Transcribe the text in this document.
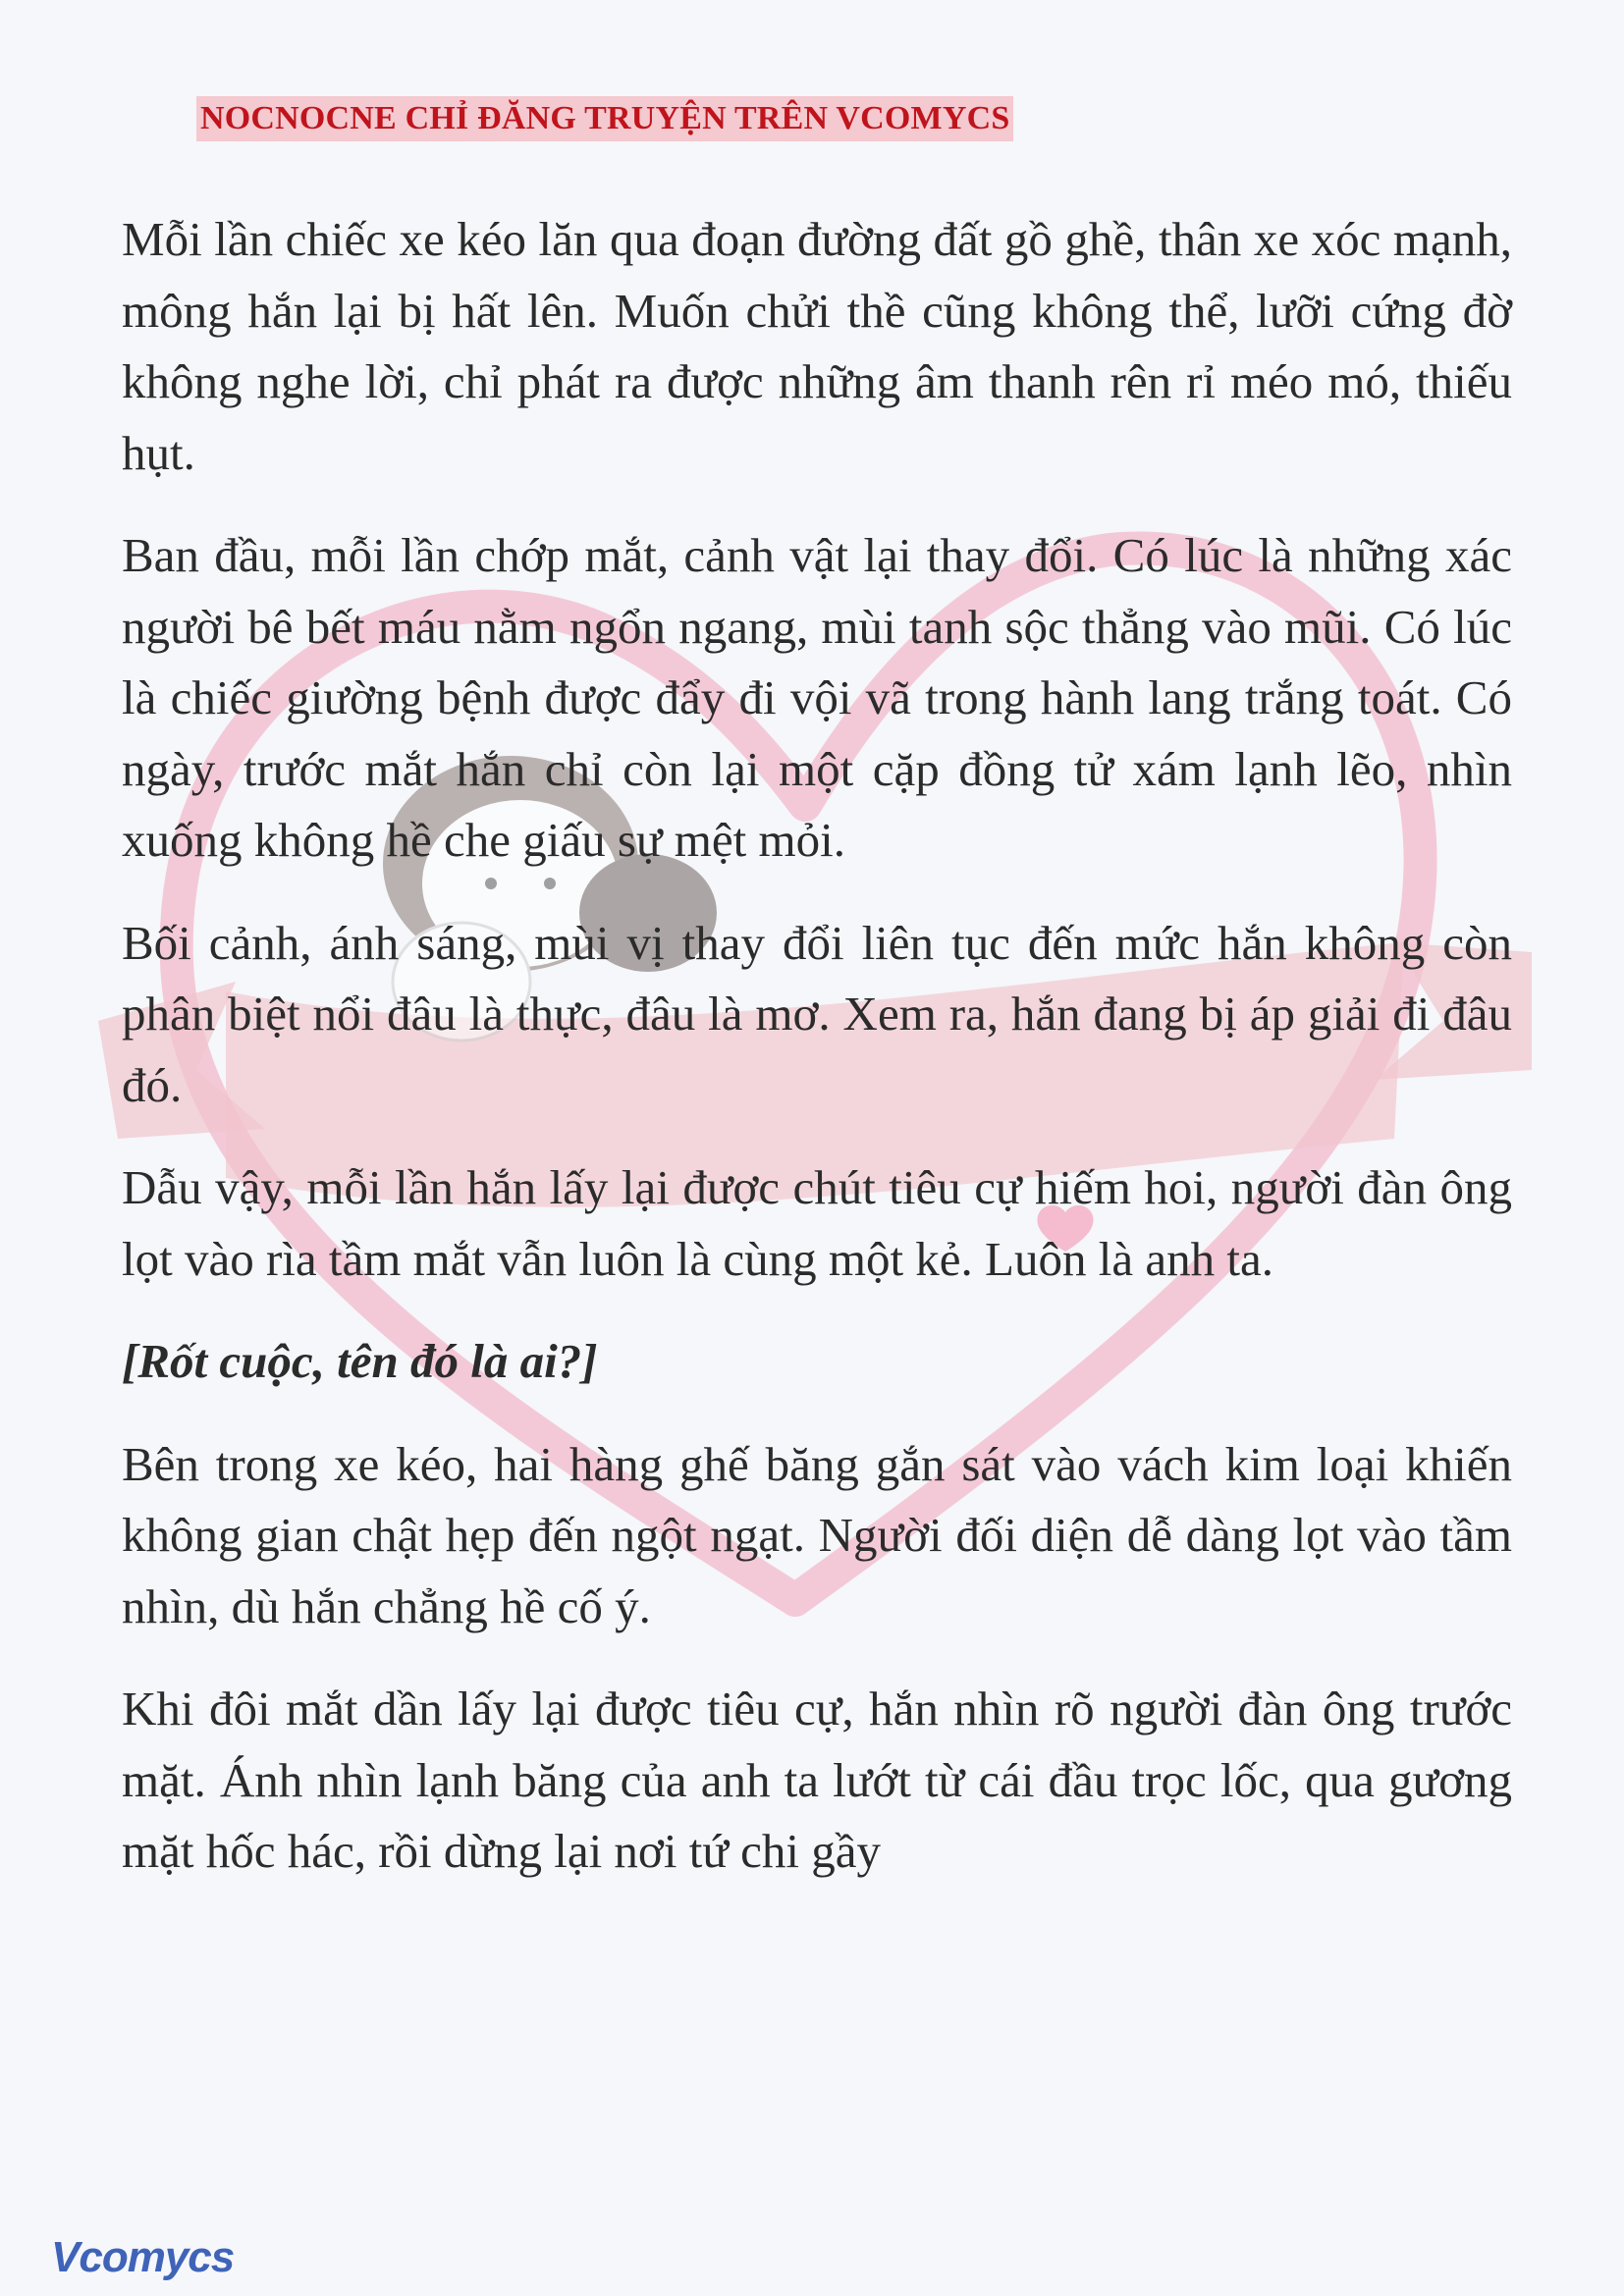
NOCNOCNE CHỈ ĐĂNG TRUYỆN TRÊN VCOMYCS

Mỗi lần chiếc xe kéo lăn qua đoạn đường đất gồ ghề, thân xe xóc mạnh, mông hắn lại bị hất lên. Muốn chửi thề cũng không thể, lưỡi cứng đờ không nghe lời, chỉ phát ra được những âm thanh rên rỉ méo mó, thiếu hụt.

Ban đầu, mỗi lần chớp mắt, cảnh vật lại thay đổi. Có lúc là những xác người bê bết máu nằm ngổn ngang, mùi tanh sộc thẳng vào mũi. Có lúc là chiếc giường bệnh được đẩy đi vội vã trong hành lang trắng toát. Có ngày, trước mắt hắn chỉ còn lại một cặp đồng tử xám lạnh lẽo, nhìn xuống không hề che giấu sự mệt mỏi.

Bối cảnh, ánh sáng, mùi vị thay đổi liên tục đến mức hắn không còn phân biệt nổi đâu là thực, đâu là mơ. Xem ra, hắn đang bị áp giải đi đâu đó.

Dẫu vậy, mỗi lần hắn lấy lại được chút tiêu cự hiếm hoi, người đàn ông lọt vào rìa tầm mắt vẫn luôn là cùng một kẻ. Luôn là anh ta.

[Rốt cuộc, tên đó là ai?]

Bên trong xe kéo, hai hàng ghế băng gắn sát vào vách kim loại khiến không gian chật hẹp đến ngột ngạt. Người đối diện dễ dàng lọt vào tầm nhìn, dù hắn chẳng hề cố ý.

Khi đôi mắt dần lấy lại được tiêu cự, hắn nhìn rõ người đàn ông trước mặt. Ánh nhìn lạnh băng của anh ta lướt từ cái đầu trọc lốc, qua gương mặt hốc hác, rồi dừng lại nơi tứ chi gầy

Vcomycs
